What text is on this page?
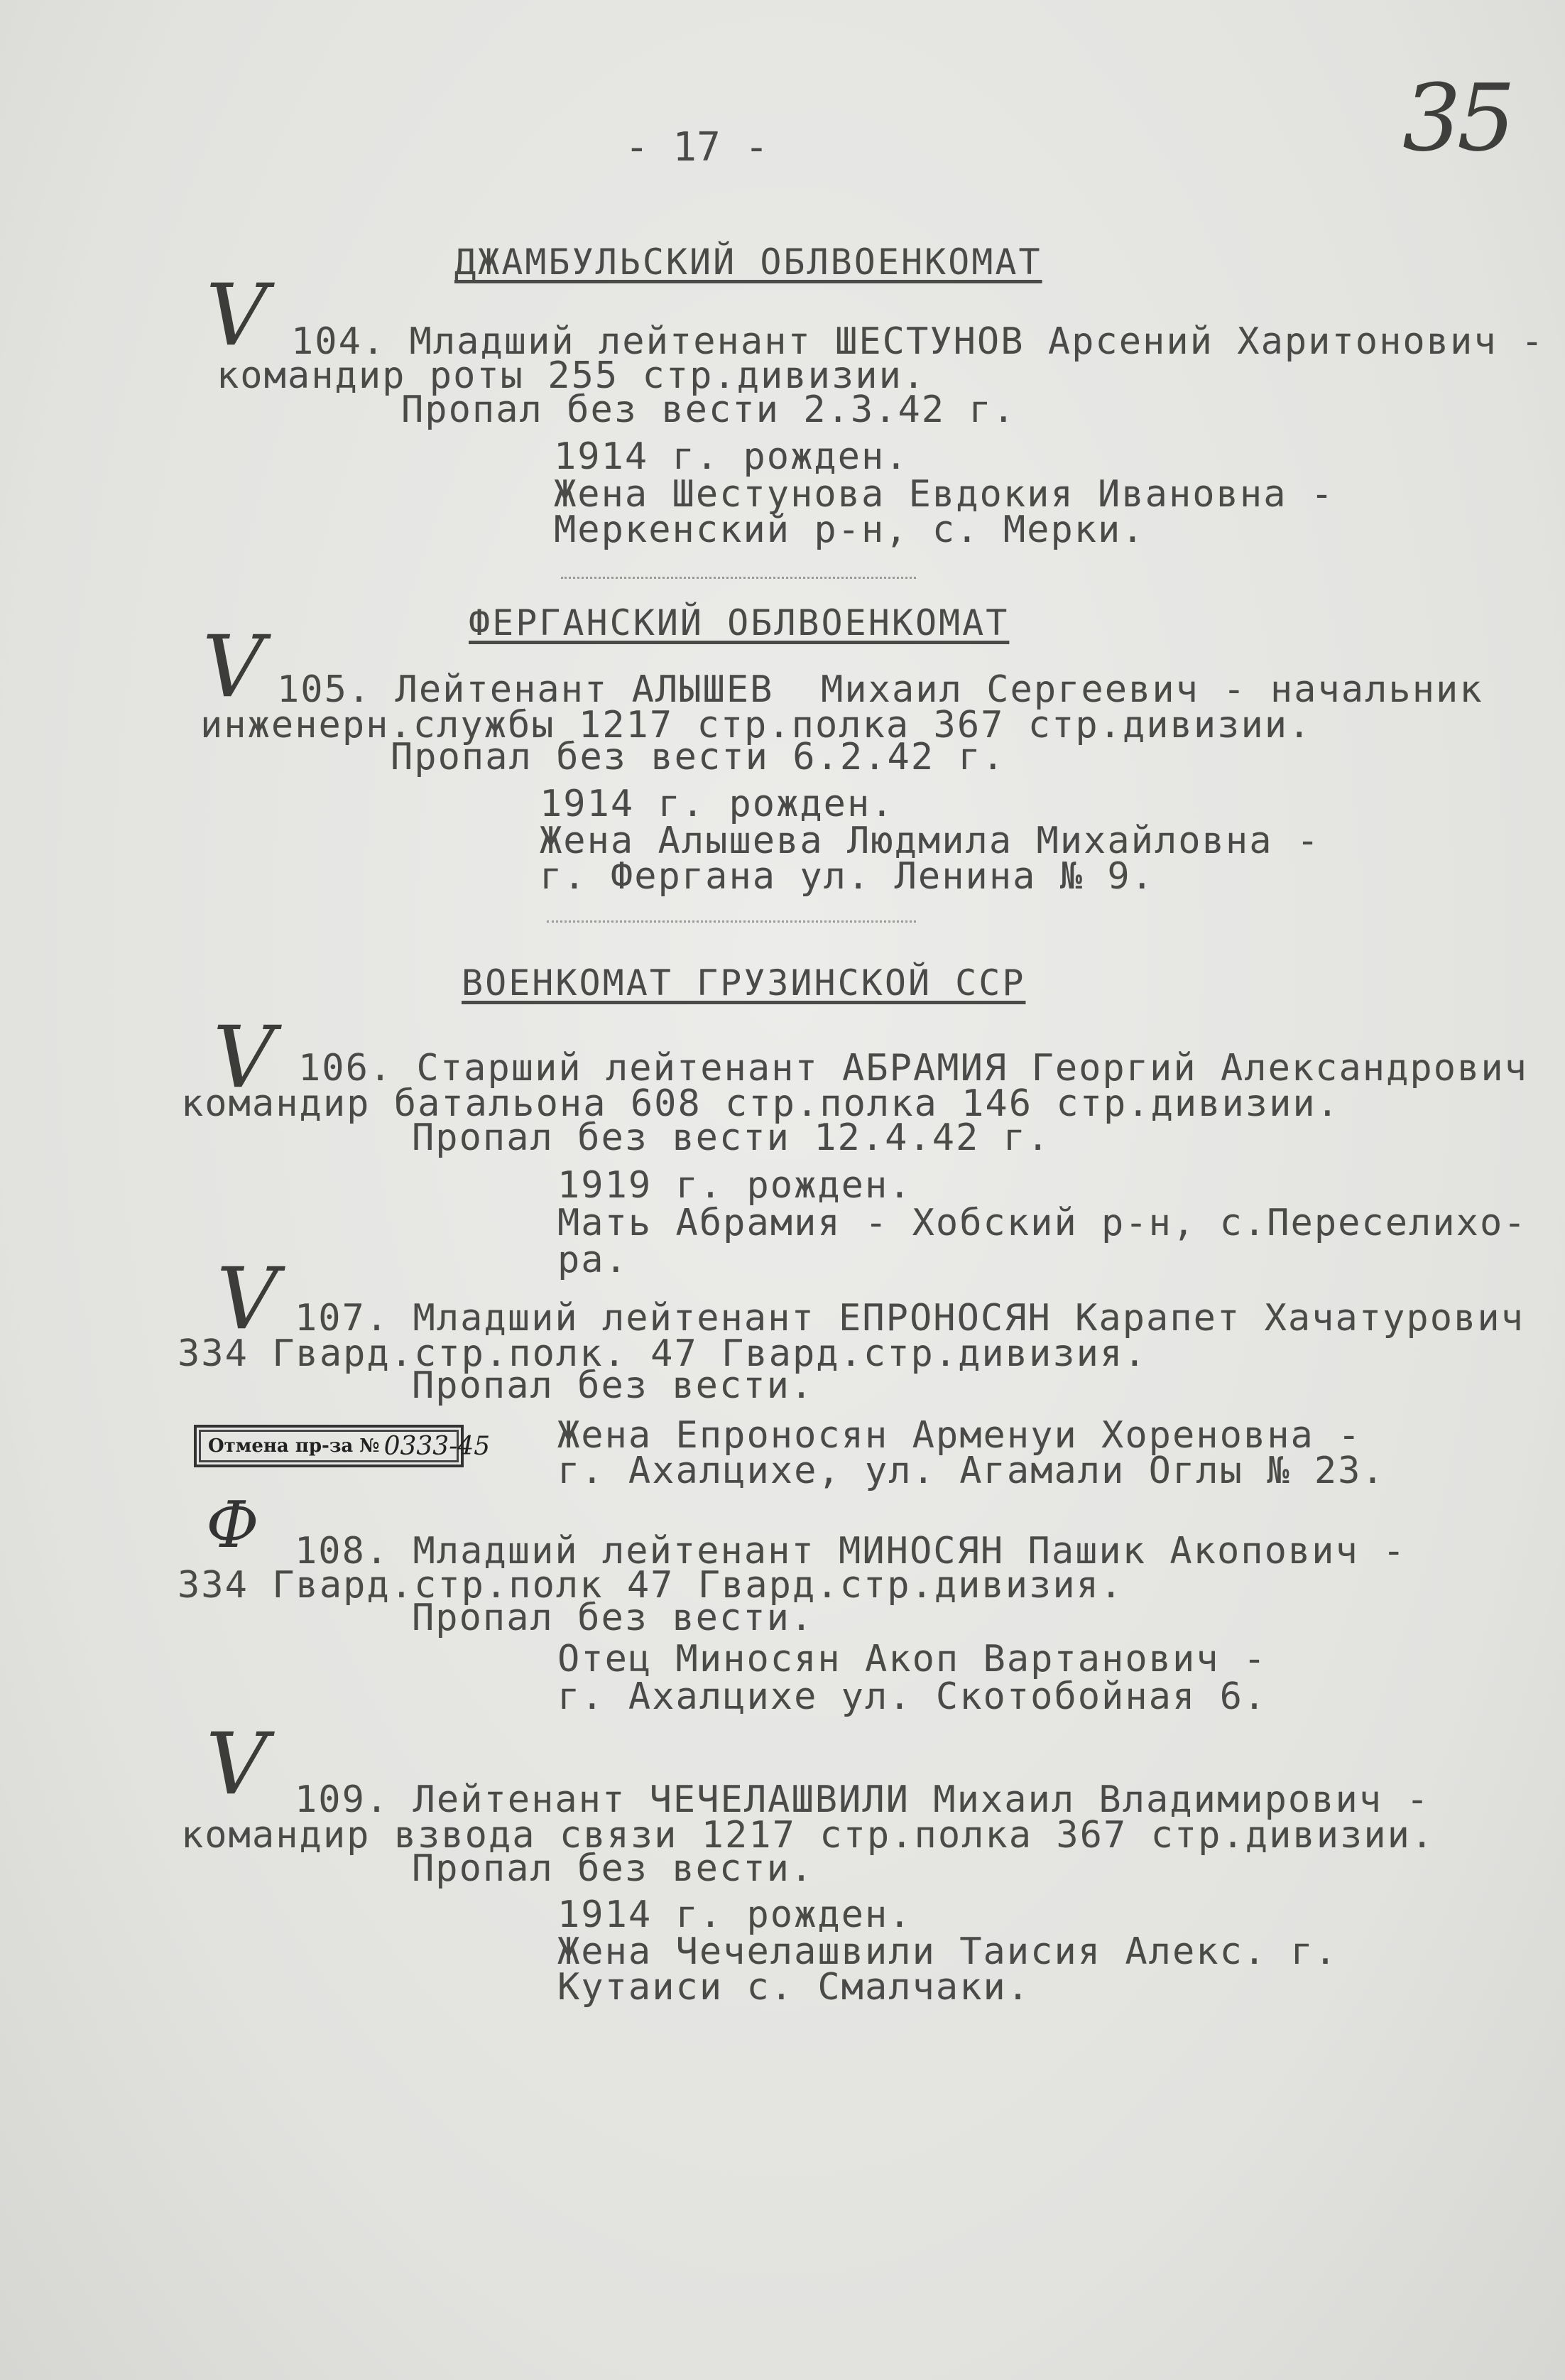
- 17 -	35
ДЖАМБУЛЬСКИЙ ОБЛВОЕНКОМАТ
V 104. Младший лейтенант ШЕСТУНОВ Арсений Харитонович -
командир роты 255 стр.дивизии.
Пропал без вести 2.3.42 г.
1914 г. рожден.
Жена Шестунова Евдокия Ивановна -
Меркенский р-н, с. Мерки.
ФЕРГАНСКИЙ ОБЛВОЕНКОМАТ
V 105. Лейтенант АЛЫШЕВ  Михаил Сергеевич - начальник
инженерн.службы 1217 стр.полка 367 стр.дивизии.
Пропал без вести 6.2.42 г.
1914 г. рожден.
Жена Алышева Людмила Михайловна -
г. Фергана ул. Ленина № 9.
ВОЕНКОМАТ ГРУЗИНСКОЙ ССР
V 106. Старший лейтенант АБРАМИЯ Георгий Александрович
командир батальона 608 стр.полка 146 стр.дивизии.
Пропал без вести 12.4.42 г.
1919 г. рожден.
Мать Абрамия - Хобский р-н, с.Переселихо-
ра.
V 107. Младший лейтенант ЕПРОНОСЯН Карапет Хачатурович
334 Гвард.стр.полк. 47 Гвард.стр.дивизия.
Пропал без вести.
Отмена пр-за № 0333-45 Жена Епроносян Арменуи Хореновна -
г. Ахалцихе, ул. Агамали Оглы № 23.
Ф 108. Младший лейтенант МИНОСЯН Пашик Акопович -
334 Гвард.стр.полк 47 Гвард.стр.дивизия.
Пропал без вести.
Отец Миносян Акоп Вартанович -
г. Ахалцихе ул. Скотобойная 6.
V 109. Лейтенант ЧЕЧЕЛАШВИЛИ Михаил Владимирович -
командир взвода связи 1217 стр.полка 367 стр.дивизии.
Пропал без вести.
1914 г. рожден.
Жена Чечелашвили Таисия Алекс. г.
Кутаиси с. Смалчаки.
